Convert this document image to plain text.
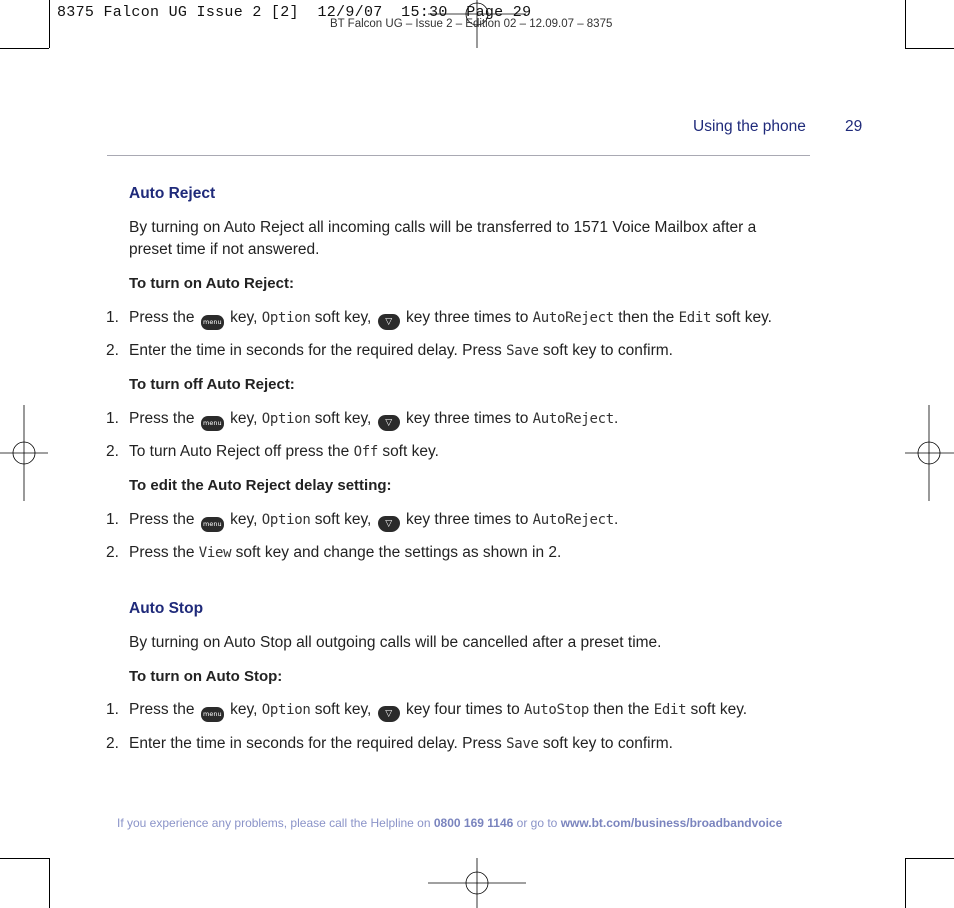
BT Falcon UG – Issue 2 – Edition 02 – 12.09.07 – 8375
8375 Falcon UG Issue 2 [2]  12/9/07  15:30  Page 29
Using the phone	29
Auto Reject
By turning on Auto Reject all incoming calls will be transferred to 1571 Voice Mailbox after a
preset time if not answered.
To turn on Auto Reject:
1. Press the menu key, Option soft key, ▽ key three times to AutoReject then the Edit soft key.
2. Enter the time in seconds for the required delay. Press Save soft key to confirm.
To turn off Auto Reject:
1. Press the menu key, Option soft key, ▽ key three times to AutoReject.
2. To turn Auto Reject off press the Off soft key.
To edit the Auto Reject delay setting:
1. Press the menu key, Option soft key, ▽ key three times to AutoReject.
2. Press the View soft key and change the settings as shown in 2.
Auto Stop
By turning on Auto Stop all outgoing calls will be cancelled after a preset time.
To turn on Auto Stop:
1. Press the menu key, Option soft key, ▽ key four times to AutoStop then the Edit soft key.
2. Enter the time in seconds for the required delay. Press Save soft key to confirm.
If you experience any problems, please call the Helpline on 0800 169 1146 or go to www.bt.com/business/broadbandvoice
